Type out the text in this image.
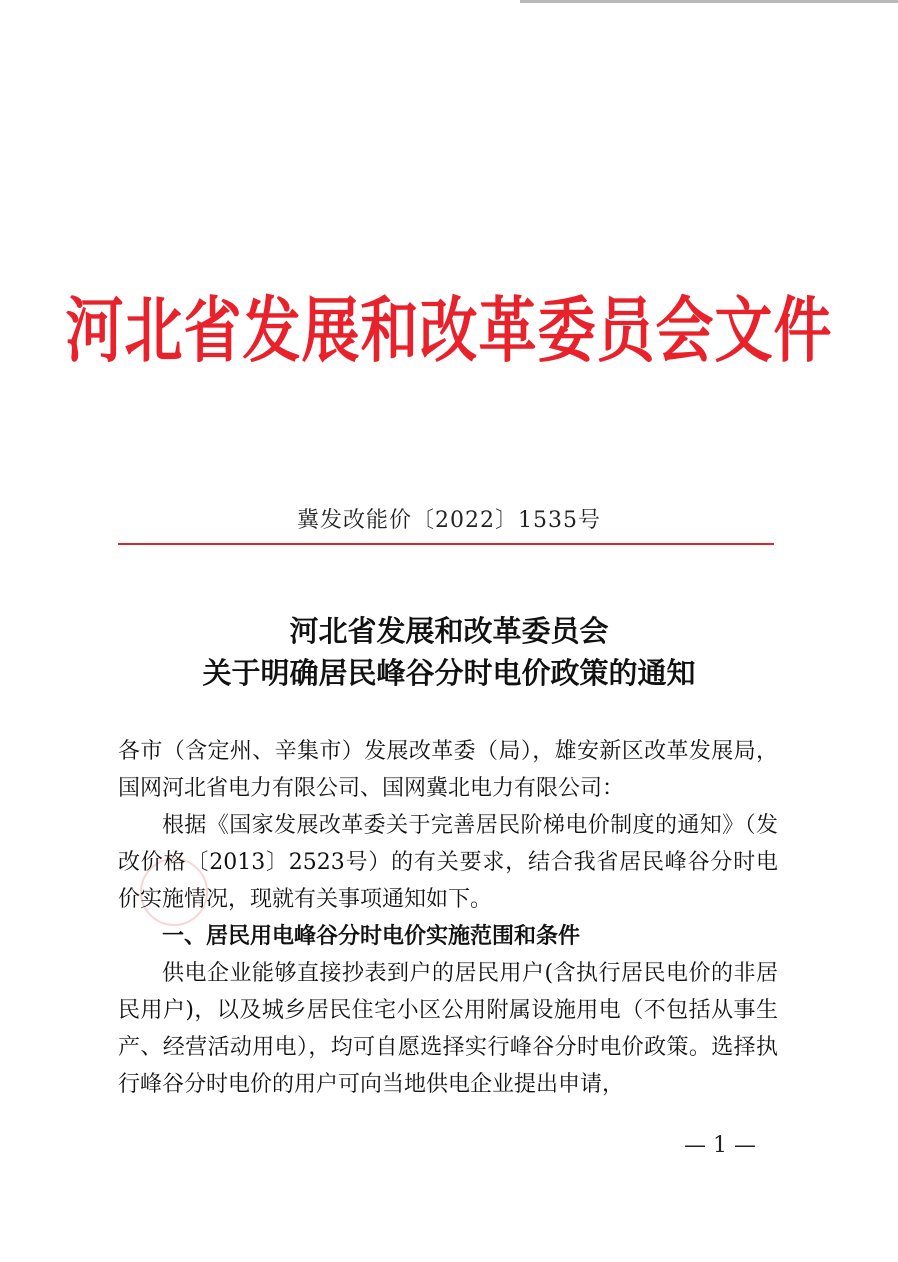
河北省发展和改革委员会文件
冀发改能价〔2022〕1535号
河北省发展和改革委员会
关于明确居民峰谷分时电价政策的通知

各市（含定州、辛集市）发展改革委（局），雄安新区改革发展局，国网河北省电力有限公司、国网冀北电力有限公司：

根据《国家发展改革委关于完善居民阶梯电价制度的通知》（发改价格〔2013〕2523号）的有关要求，结合我省居民峰谷分时电价实施情况，现就有关事项通知如下。

一、居民用电峰谷分时电价实施范围和条件

供电企业能够直接抄表到户的居民用户(含执行居民电价的非居民用户)，以及城乡居民住宅小区公用附属设施用电（不包括从事生产、经营活动用电），均可自愿选择实行峰谷分时电价政策。选择执行峰谷分时电价的用户可向当地供电企业提出申请，

— 1 —
